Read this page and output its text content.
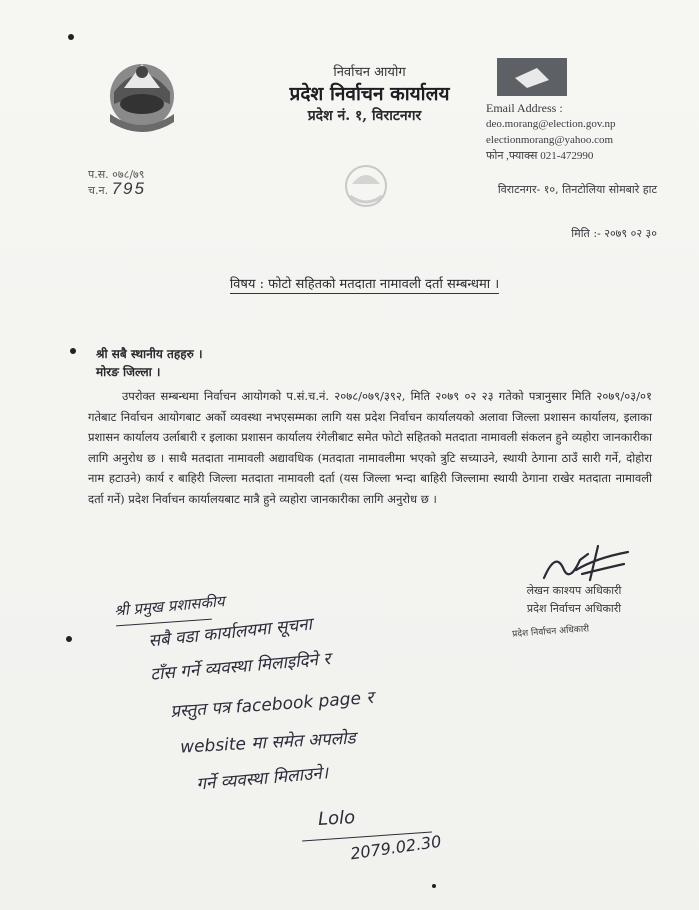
निर्वाचन आयोग
प्रदेश निर्वाचन कार्यालय
प्रदेश नं. १, विराटनगर	Email Address :
deo.morang@election.gov.np
electionmorang@yahoo.com
फोन ,फ्याक्स 021-472990
प.स. ०७८/७९
च.न. 795	विराटनगर- १०, तिनटोलिया सोमबारे हाट
मिति :- २०७९ ०२ ३०
विषय : फोटो सहितको मतदाता नामावली दर्ता सम्बन्धमा ।
श्री सबै स्थानीय तहहरु ।
मोरङ जिल्ला ।
उपरोक्त सम्बन्धमा निर्वाचन आयोगको प.सं.च.नं. २०७८/०७९/३९२, मिति २०७९ ०२ २३ गतेको पत्रानुसार मिति २०७९/०३/०१ गतेबाट निर्वाचन आयोगबाट अर्को व्यवस्था नभएसम्मका लागि यस प्रदेश निर्वाचन कार्यालयको अलावा जिल्ला प्रशासन कार्यालय, इलाका प्रशासन कार्यालय उर्लाबारी र इलाका प्रशासन कार्यालय रंगेलीबाट समेत फोटो सहितको मतदाता नामावली संकलन हुने व्यहोरा जानकारीका लागि अनुरोध छ । साथै मतदाता नामावली अद्यावधिक (मतदाता नामावलीमा भएको त्रुटि सच्याउने, स्थायी ठेगाना ठाउँ सारी गर्ने, दोहोरा नाम हटाउने) कार्य र बाहिरी जिल्ला मतदाता नामावली दर्ता (यस जिल्ला भन्दा बाहिरी जिल्लामा स्थायी ठेगाना राखेर मतदाता नामावली दर्ता गर्ने) प्रदेश निर्वाचन कार्यालयबाट मात्रै हुने व्यहोरा जानकारीका लागि अनुरोध छ ।
लेखन काश्यप अधिकारी
प्रदेश निर्वाचन अधिकारी
प्रदेश निर्वाचन अधिकारी
श्री प्रमुख प्रशासकीय
सबै वडा कार्यालयमा सूचना
टाँस गर्ने व्यवस्था मिलाइदिने र
प्रस्तुत पत्र facebook page र
website मा समेत अपलोड
गर्ने व्यवस्था मिलाउने।
Lolo
2079.02.30
